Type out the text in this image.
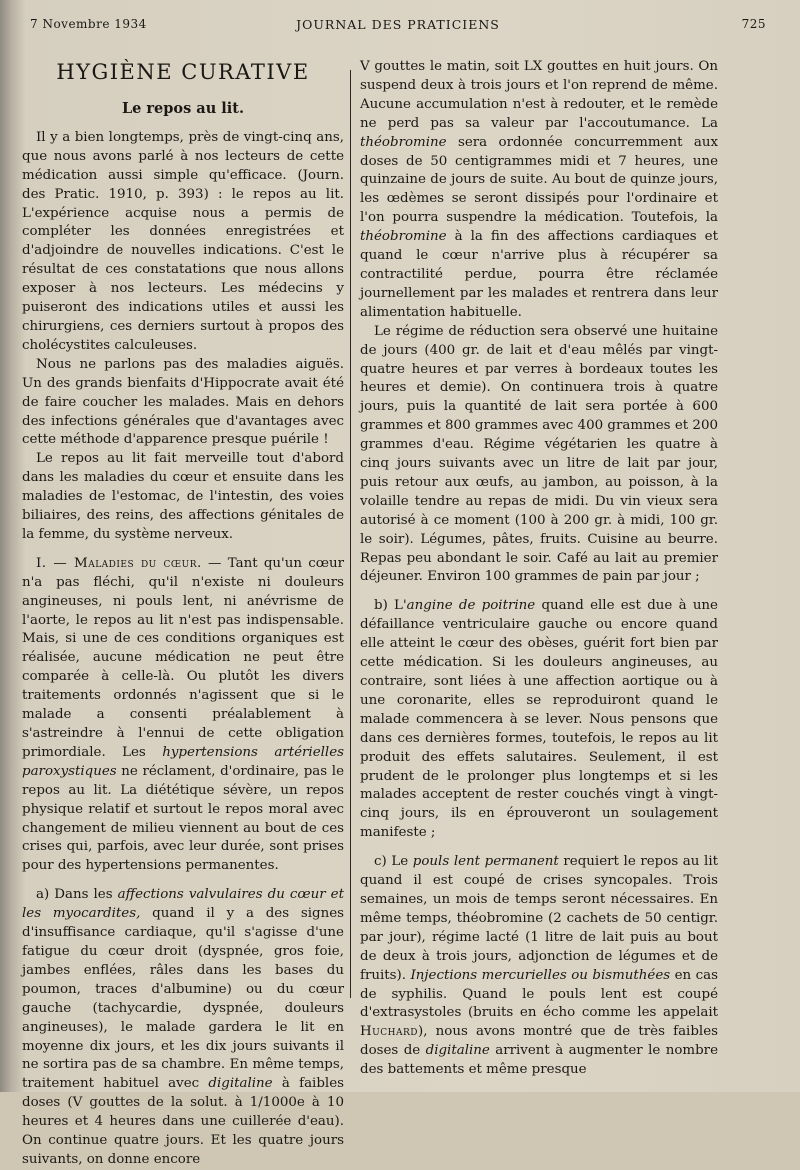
7 Novembre 1934	JOURNAL DES PRATICIENS	725
HYGIÈNE CURATIVE
Le repos au lit.

Il y a bien longtemps, près de vingt-cinq ans, que nous avons parlé à nos lecteurs de cette médication aussi simple qu'efficace. (Journ. des Pratic. 1910, p. 393) : le repos au lit. L'expérience acquise nous a permis de compléter les données enregistrées et d'adjoindre de nouvelles indications. C'est le résultat de ces constatations que nous allons exposer à nos lecteurs. Les médecins y puiseront des indications utiles et aussi les chirurgiens, ces derniers surtout à propos des cholécystites calculeuses.

Nous ne parlons pas des maladies aiguës. Un des grands bienfaits d'Hippocrate avait été de faire coucher les malades. Mais en dehors des infections générales que d'avantages avec cette méthode d'apparence presque puérile !

Le repos au lit fait merveille tout d'abord dans les maladies du cœur et ensuite dans les maladies de l'estomac, de l'intestin, des voies biliaires, des reins, des affections génitales de la femme, du système nerveux.

I. — Maladies du cœur. — Tant qu'un cœur n'a pas fléchi, qu'il n'existe ni douleurs angineuses, ni pouls lent, ni anévrisme de l'aorte, le repos au lit n'est pas indispensable. Mais, si une de ces conditions organiques est réalisée, aucune médication ne peut être comparée à celle-là. Ou plutôt les divers traitements ordonnés n'agissent que si le malade a consenti préalablement à s'astreindre à l'ennui de cette obligation primordiale. Les hypertensions artérielles paroxystiques ne réclament, d'ordinaire, pas le repos au lit. La diététique sévère, un repos physique relatif et surtout le repos moral avec changement de milieu viennent au bout de ces crises qui, parfois, avec leur durée, sont prises pour des hypertensions permanentes.

a) Dans les affections valvulaires du cœur et les myocardites, quand il y a des signes d'insuffisance cardiaque, qu'il s'agisse d'une fatigue du cœur droit (dyspnée, gros foie, jambes enflées, râles dans les bases du poumon, traces d'albumine) ou du cœur gauche (tachycardie, dyspnée, douleurs angineuses), le malade gardera le lit en moyenne dix jours, et les dix jours suivants il ne sortira pas de sa chambre. En même temps, traitement habituel avec digitaline à faibles doses (V gouttes de la solut. à 1/1000e à 10 heures et 4 heures dans une cuillerée d'eau). On continue quatre jours. Et les quatre jours suivants, on donne encore

V gouttes le matin, soit LX gouttes en huit jours. On suspend deux à trois jours et l'on reprend de même. Aucune accumulation n'est à redouter, et le remède ne perd pas sa valeur par l'accoutumance. La théobromine sera ordonnée concurremment aux doses de 50 centigrammes midi et 7 heures, une quinzaine de jours de suite. Au bout de quinze jours, les œdèmes se seront dissipés pour l'ordinaire et l'on pourra suspendre la médication. Toutefois, la théobromine à la fin des affections cardiaques et quand le cœur n'arrive plus à récupérer sa contractilité perdue, pourra être réclamée journellement par les malades et rentrera dans leur alimentation habituelle.

Le régime de réduction sera observé une huitaine de jours (400 gr. de lait et d'eau mêlés par vingt-quatre heures et par verres à bordeaux toutes les heures et demie). On continuera trois à quatre jours, puis la quantité de lait sera portée à 600 grammes et 800 grammes avec 400 grammes et 200 grammes d'eau. Régime végétarien les quatre à cinq jours suivants avec un litre de lait par jour, puis retour aux œufs, au jambon, au poisson, à la volaille tendre au repas de midi. Du vin vieux sera autorisé à ce moment (100 à 200 gr. à midi, 100 gr. le soir). Légumes, pâtes, fruits. Cuisine au beurre. Repas peu abondant le soir. Café au lait au premier déjeuner. Environ 100 grammes de pain par jour ;

b) L'angine de poitrine quand elle est due à une défaillance ventriculaire gauche ou encore quand elle atteint le cœur des obèses, guérit fort bien par cette médication. Si les douleurs angineuses, au contraire, sont liées à une affection aortique ou à une coronarite, elles se reproduiront quand le malade commencera à se lever. Nous pensons que dans ces dernières formes, toutefois, le repos au lit produit des effets salutaires. Seulement, il est prudent de le prolonger plus longtemps et si les malades acceptent de rester couchés vingt à vingt-cinq jours, ils en éprouveront un soulagement manifeste ;

c) Le pouls lent permanent requiert le repos au lit quand il est coupé de crises syncopales. Trois semaines, un mois de temps seront nécessaires. En même temps, théobromine (2 cachets de 50 centigr. par jour), régime lacté (1 litre de lait puis au bout de deux à trois jours, adjonction de légumes et de fruits). Injections mercurielles ou bismuthées en cas de syphilis. Quand le pouls lent est coupé d'extrasystoles (bruits en écho comme les appelait Huchard), nous avons montré que de très faibles doses de digitaline arrivent à augmenter le nombre des battements et même presque
